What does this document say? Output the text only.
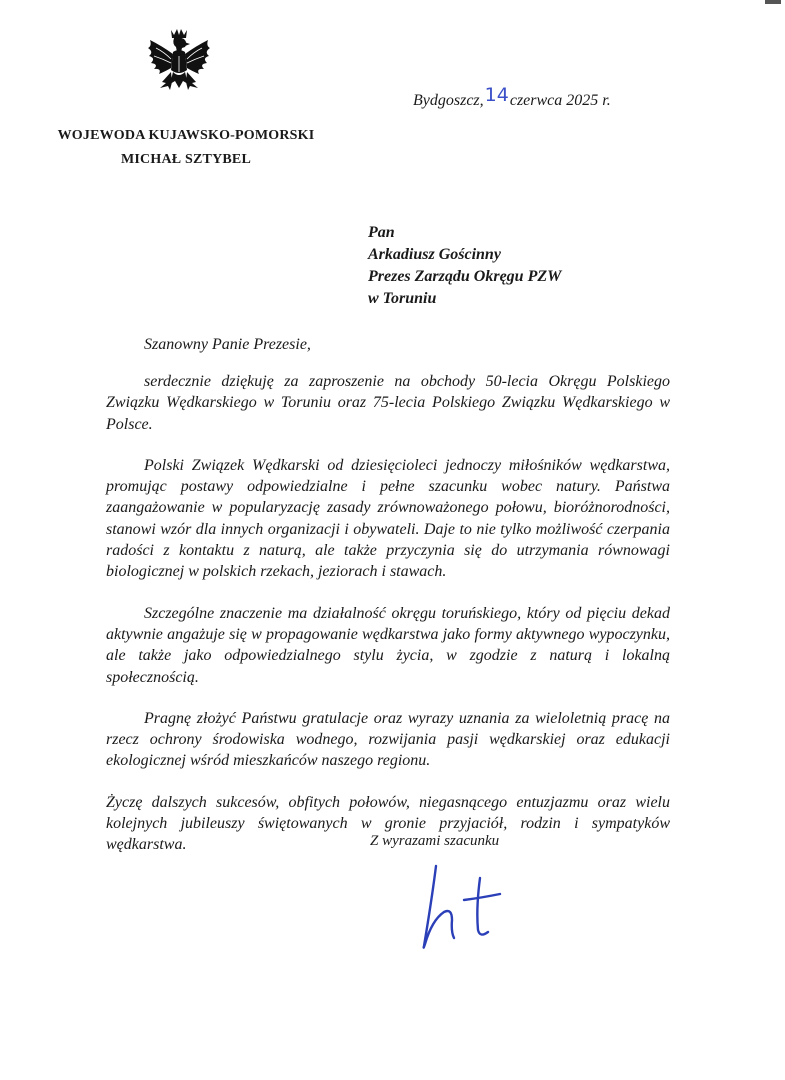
WOJEWODA KUJAWSKO-POMORSKI
MICHAŁ SZTYBEL
Bydgoszcz,14czerwca 2025 r.
Pan
Arkadiusz Gościnny
Prezes Zarządu Okręgu PZW
w Toruniu
Szanowny Panie Prezesie,

serdecznie dziękuję za zaproszenie na obchody 50-lecia Okręgu Polskiego Związku Wędkarskiego w Toruniu oraz 75-lecia Polskiego Związku Wędkarskiego w Polsce.

Polski Związek Wędkarski od dziesięcioleci jednoczy miłośników wędkarstwa, promując postawy odpowiedzialne i pełne szacunku wobec natury. Państwa zaangażowanie w popularyzację zasady zrównoważonego połowu, bioróżnorodności, stanowi wzór dla innych organizacji i obywateli. Daje to nie tylko możliwość czerpania radości z kontaktu z naturą, ale także przyczynia się do utrzymania równowagi biologicznej w polskich rzekach, jeziorach i stawach.

Szczególne znaczenie ma działalność okręgu toruńskiego, który od pięciu dekad aktywnie angażuje się w propagowanie wędkarstwa jako formy aktywnego wypoczynku, ale także jako odpowiedzialnego stylu życia, w zgodzie z naturą i lokalną społecznością.

Pragnę złożyć Państwu gratulacje oraz wyrazy uznania za wieloletnią pracę na rzecz ochrony środowiska wodnego, rozwijania pasji wędkarskiej oraz edukacji ekologicznej wśród mieszkańców naszego regionu.

Życzę dalszych sukcesów, obfitych połowów, niegasnącego entuzjazmu oraz wielu kolejnych jubileuszy świętowanych w gronie przyjaciół, rodzin i sympatyków wędkarstwa.	Z wyrazami szacunku
